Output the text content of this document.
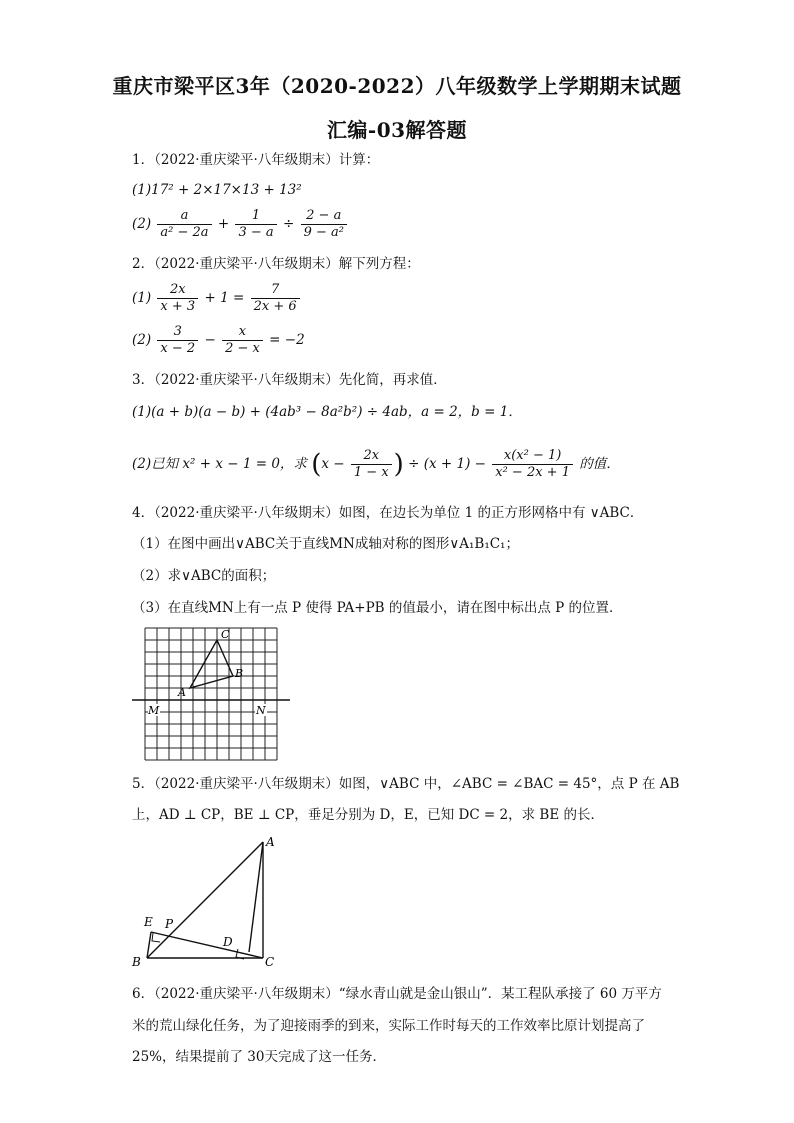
重庆市梁平区3年（2020-2022）八年级数学上学期期末试题
汇编-03解答题
1．（2022·重庆梁平·八年级期末）计算：
(1)17² + 2×17×13 + 13²
$(2) \frac{a}{\text{a² − 2a}} + \frac{1}{3 - a} \div \frac{2 - a}{\text{9 − a²}}$
2．（2022·重庆梁平·八年级期末）解下列方程：
$(1) \frac{2x}{x + 3} + 1 = \frac{7}{2x + 6}$
$(2) \frac{3}{x - 2} - \frac{x}{2 - x} = -2$
3．（2022·重庆梁平·八年级期末）先化简，再求值．
(1)(a + b)(a − b) + (4ab³ − 8a²b²) ÷ 4ab，a = 2，b = 1．
(2)已知 x² + x − 1 = 0，求 ($x - \frac{2x}{1 - x}$ ) ÷ $(x + 1) - \frac{\text{x(x² − 1)}}{\text{x² − 2x + 1}}$ 的值．
4．（2022·重庆梁平·八年级期末）如图，在边长为单位 1 的正方形网格中有 ∨ABC．
（1）在图中画出∨ABC关于直线MN成轴对称的图形∨A₁B₁C₁；
（2）求∨ABC的面积；
（3）在直线MN上有一点 P 使得 PA+PB 的值最小，请在图中标出点 P 的位置．
A
B
C
M	N
5．（2022·重庆梁平·八年级期末）如图，∨ABC 中，∠ABC = ∠BAC = 45°，点 P 在 AB
上，AD ⊥ CP，BE ⊥ CP，垂足分别为 D，E，已知 DC = 2，求 BE 的长．
A
B	C
D
E P
6．（2022·重庆梁平·八年级期末）“绿水青山就是金山银山”．某工程队承接了 60 万平方
米的荒山绿化任务，为了迎接雨季的到来，实际工作时每天的工作效率比原计划提高了
25%，结果提前了 30天完成了这一任务．
